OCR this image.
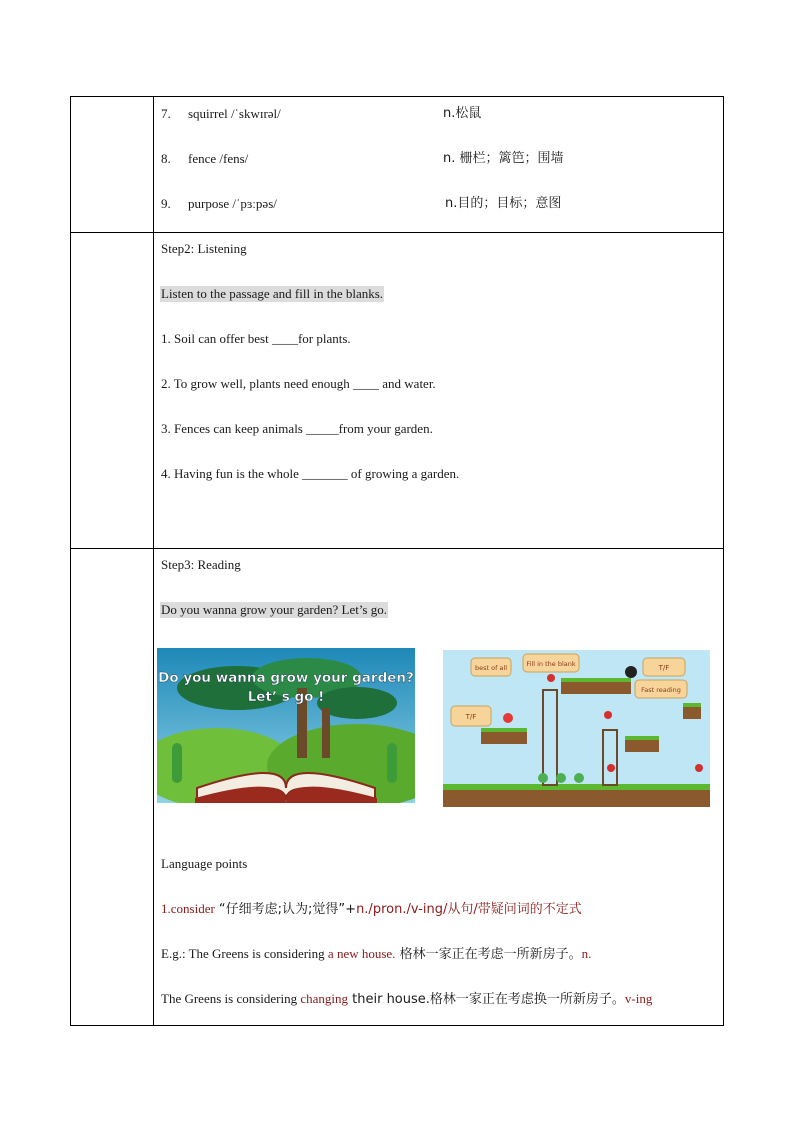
7. squirrel /ˈskwɪrəl/	n.松鼠
8. fence /fens/	n. 栅栏；篱笆；围墙
9. purpose /ˈpɜːpəs/	n.目的；目标；意图
Step2: Listening
Listen to the passage and fill in the blanks.
1. Soil can offer best ____for plants.
2. To grow well, plants need enough ____ and water.
3. Fences can keep animals _____from your garden.
4. Having fun is the whole _______ of growing a garden.
Step3: Reading
Do you wanna grow your garden? Let’s go.
Do you wanna grow your garden?
Let’ s go !
best of all	Fill in the blank	T/F
Fast reading
T/F
Language points
1.consider “仔细考虑;认为;觉得”+n./pron./v-ing/从句/带疑问词的不定式
E.g.: The Greens is considering a new house. 格林一家正在考虑一所新房子。n.
The Greens is considering changing their house.格林一家正在考虑换一所新房子。v-ing
